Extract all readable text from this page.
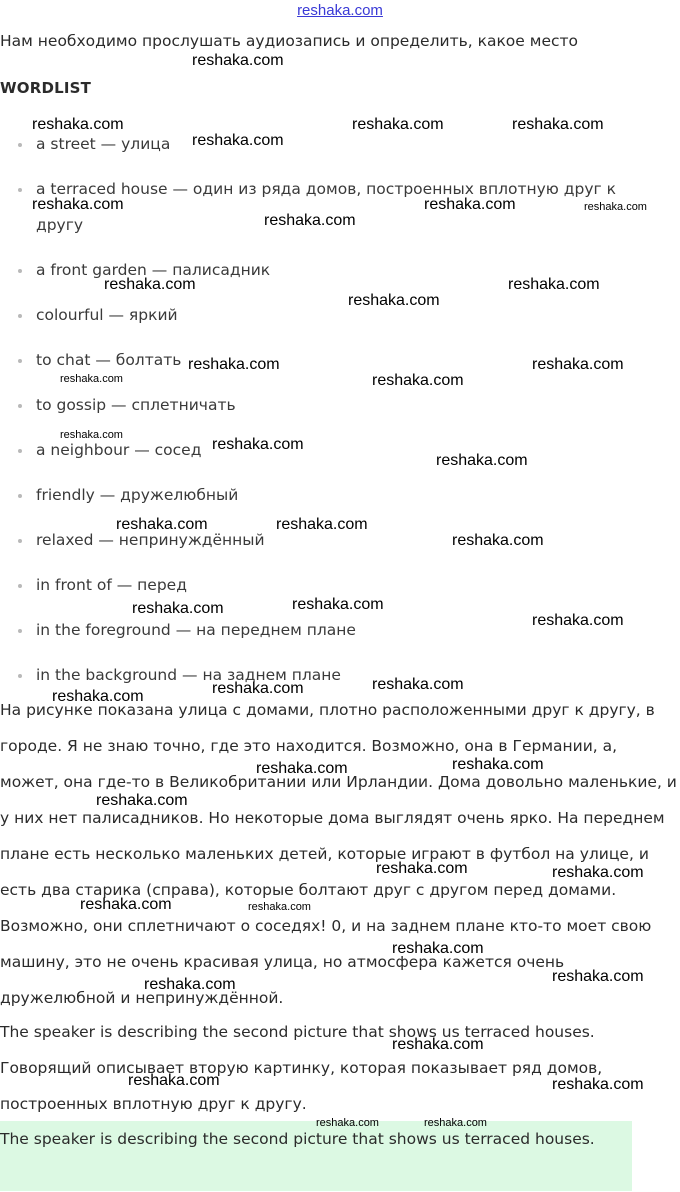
reshaka.com
Нам необходимо прослушать аудиозапись и определить, какое место
WORDLIST
a street — улица
a terraced house — один из ряда домов, построенных вплотную друг к другу
a front garden — палисадник
colourful — яркий
to chat — болтать
to gossip — сплетничать
a neighbour — сосед
friendly — дружелюбный
relaxed — непринуждённый
in front of — перед
in the foreground — на переднем плане
in the background — на заднем плане

На рисунке показана улица с домами, плотно расположенными друг к другу, в городе. Я не знаю точно, где это находится. Возможно, она в Германии, а, может, она где-то в Великобритании или Ирландии. Дома довольно маленькие, и у них нет палисадников. Но некоторые дома выглядят очень ярко. На переднем плане есть несколько маленьких детей, которые играют в футбол на улице, и есть два старика (справа), которые болтают друг с другом перед домами. Возможно, они сплетничают о соседях! 0, и на заднем плане кто-то моет свою машину, это не очень красивая улица, но атмосфера кажется очень дружелюбной и непринуждённой.

The speaker is describing the second picture that shows us terraced houses.

Говорящий описывает вторую картинку, которая показывает ряд домов, построенных вплотную друг к другу.

The speaker is describing the second picture that shows us terraced houses.

reshaka.com
reshaka.com	reshaka.com	reshaka.com
reshaka.com
reshaka.com	reshaka.com	reshaka.com
reshaka.com
reshaka.com	reshaka.com
reshaka.com
reshaka.com	reshaka.com
reshaka.com	reshaka.com
reshaka.com
reshaka.com
reshaka.com
reshaka.com	reshaka.com
reshaka.com
reshaka.com
reshaka.com
reshaka.com
reshaka.com
reshaka.com
reshaka.com
reshaka.com	reshaka.com
reshaka.com
reshaka.com	reshaka.com
reshaka.com	reshaka.com
reshaka.com
reshaka.com
reshaka.com
reshaka.com
reshaka.com	reshaka.com
reshaka.com	reshaka.com
